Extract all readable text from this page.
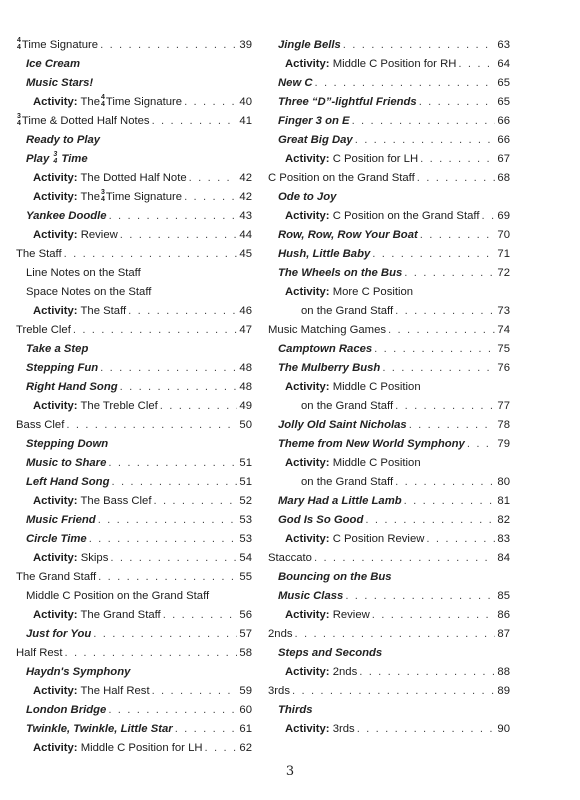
4
4 Time Signature . . .	39
Ice Cream
Music Stars!
Activity: The 4
4 Time Signature . . .	40
3
4 Time & Dotted Half Notes . . .	41
Ready to Play
Play 3
4 Time
Activity: The Dotted Half Note . . .	42
Activity: The 3
4 Time Signature . . .	42
Yankee Doodle . . .	43
Activity: Review . . .	44
The Staff . . .	45
Line Notes on the Staff
Space Notes on the Staff
Activity: The Staff . . .	46
Treble Clef . . .	47
Take a Step
Stepping Fun . . .	48
Right Hand Song . . .	48
Activity: The Treble Clef . . .	49
Bass Clef . . .	50
Stepping Down
Music to Share . . .	51
Left Hand Song . . .	51
Activity: The Bass Clef . . .	52
Music Friend . . .	53
Circle Time . . .	53
Activity: Skips . . .	54
The Grand Staff . . .	55
Middle C Position on the Grand Staff
Activity: The Grand Staff . . .	56
Just for You . . .	57
Half Rest . . .	58
Haydn's Symphony
Activity: The Half Rest . . .	59
London Bridge . . .	60
Twinkle, Twinkle, Little Star . . .	61
Activity: Middle C Position for LH . . .	62
Jingle Bells . . .	63
Activity: Middle C Position for RH . . .	64
New C . . .	65
Three “D”-lightful Friends . . .	65
Finger 3 on E . . .	66
Great Big Day . . .	66
Activity: C Position for LH . . .	67
C Position on the Grand Staff . . .	68
Ode to Joy
Activity: C Position on the Grand Staff . . . 69
Row, Row, Row Your Boat . . .	70
Hush, Little Baby . . .	71
The Wheels on the Bus . . .	72
Activity: More C Position
on the Grand Staff . . .	73
Music Matching Games . . .	74
Camptown Races . . .	75
The Mulberry Bush . . .	76
Activity: Middle C Position
on the Grand Staff . . .	77
Jolly Old Saint Nicholas . . .	78
Theme from New World Symphony . . .	79
Activity: Middle C Position
on the Grand Staff . . .	80
Mary Had a Little Lamb . . .	81
God Is So Good . . .	82
Activity: C Position Review . . .	83
Staccato . . .	84
Bouncing on the Bus
Music Class . . .	85
Activity: Review . . .	86
2nds . . .	87
Steps and Seconds
Activity: 2nds . . .	88
3rds . . .	89
Thirds
Activity: 3rds . . .	90
3
